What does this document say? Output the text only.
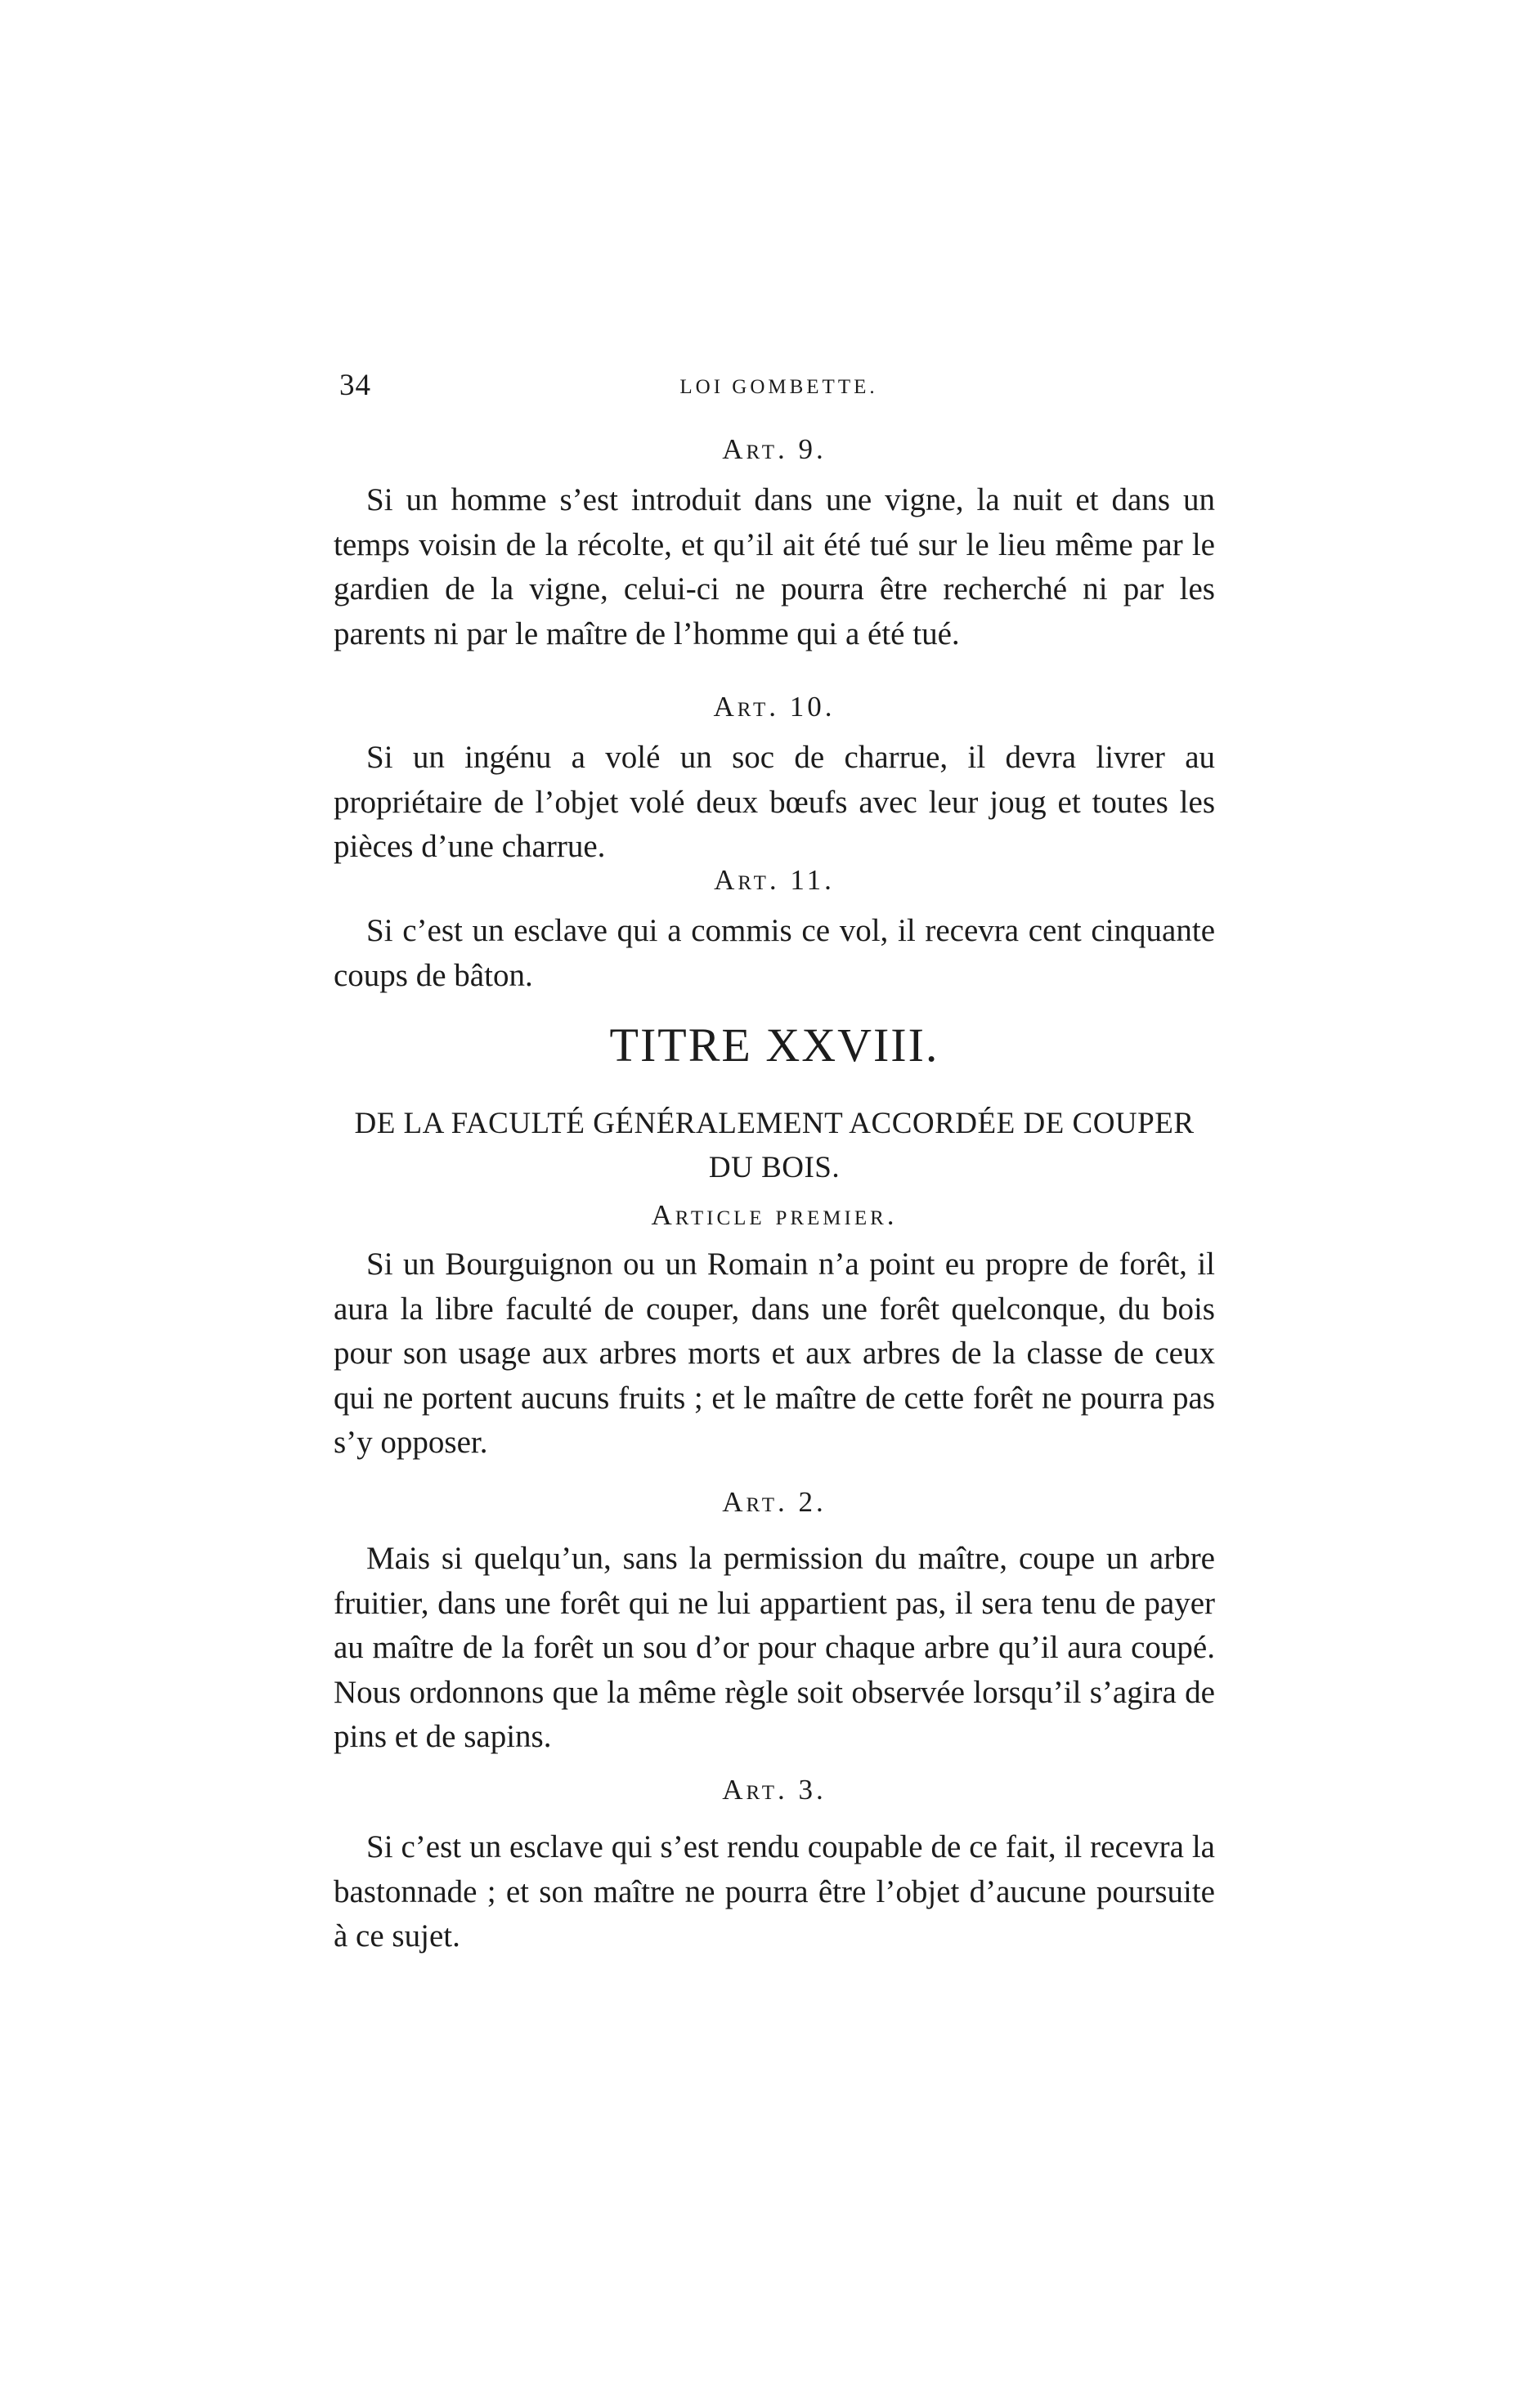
34	LOI GOMBETTE.
Art. 9.

Si un homme s’est introduit dans une vigne, la nuit et dans un temps voisin de la récolte, et qu’il ait été tué sur le lieu même par le gardien de la vigne, celui-ci ne pourra être recherché ni par les parents ni par le maître de l’homme qui a été tué.

Art. 10.

Si un ingénu a volé un soc de charrue, il devra livrer au propriétaire de l’objet volé deux bœufs avec leur joug et toutes les pièces d’une charrue.

Art. 11.

Si c’est un esclave qui a commis ce vol, il recevra cent cinquante coups de bâton.

TITRE XXVIII.
DE LA FACULTÉ GÉNÉRALEMENT ACCORDÉE DE COUPER
DU BOIS.
Article premier.

Si un Bourguignon ou un Romain n’a point eu propre de forêt, il aura la libre faculté de couper, dans une forêt quelconque, du bois pour son usage aux arbres morts et aux arbres de la classe de ceux qui ne portent aucuns fruits ; et le maître de cette forêt ne pourra pas s’y opposer.

Art. 2.

Mais si quelqu’un, sans la permission du maître, coupe un arbre fruitier, dans une forêt qui ne lui appartient pas, il sera tenu de payer au maître de la forêt un sou d’or pour chaque arbre qu’il aura coupé. Nous ordonnons que la même règle soit observée lorsqu’il s’agira de pins et de sapins.

Art. 3.

Si c’est un esclave qui s’est rendu coupable de ce fait, il recevra la bastonnade ; et son maître ne pourra être l’objet d’aucune poursuite à ce sujet.
